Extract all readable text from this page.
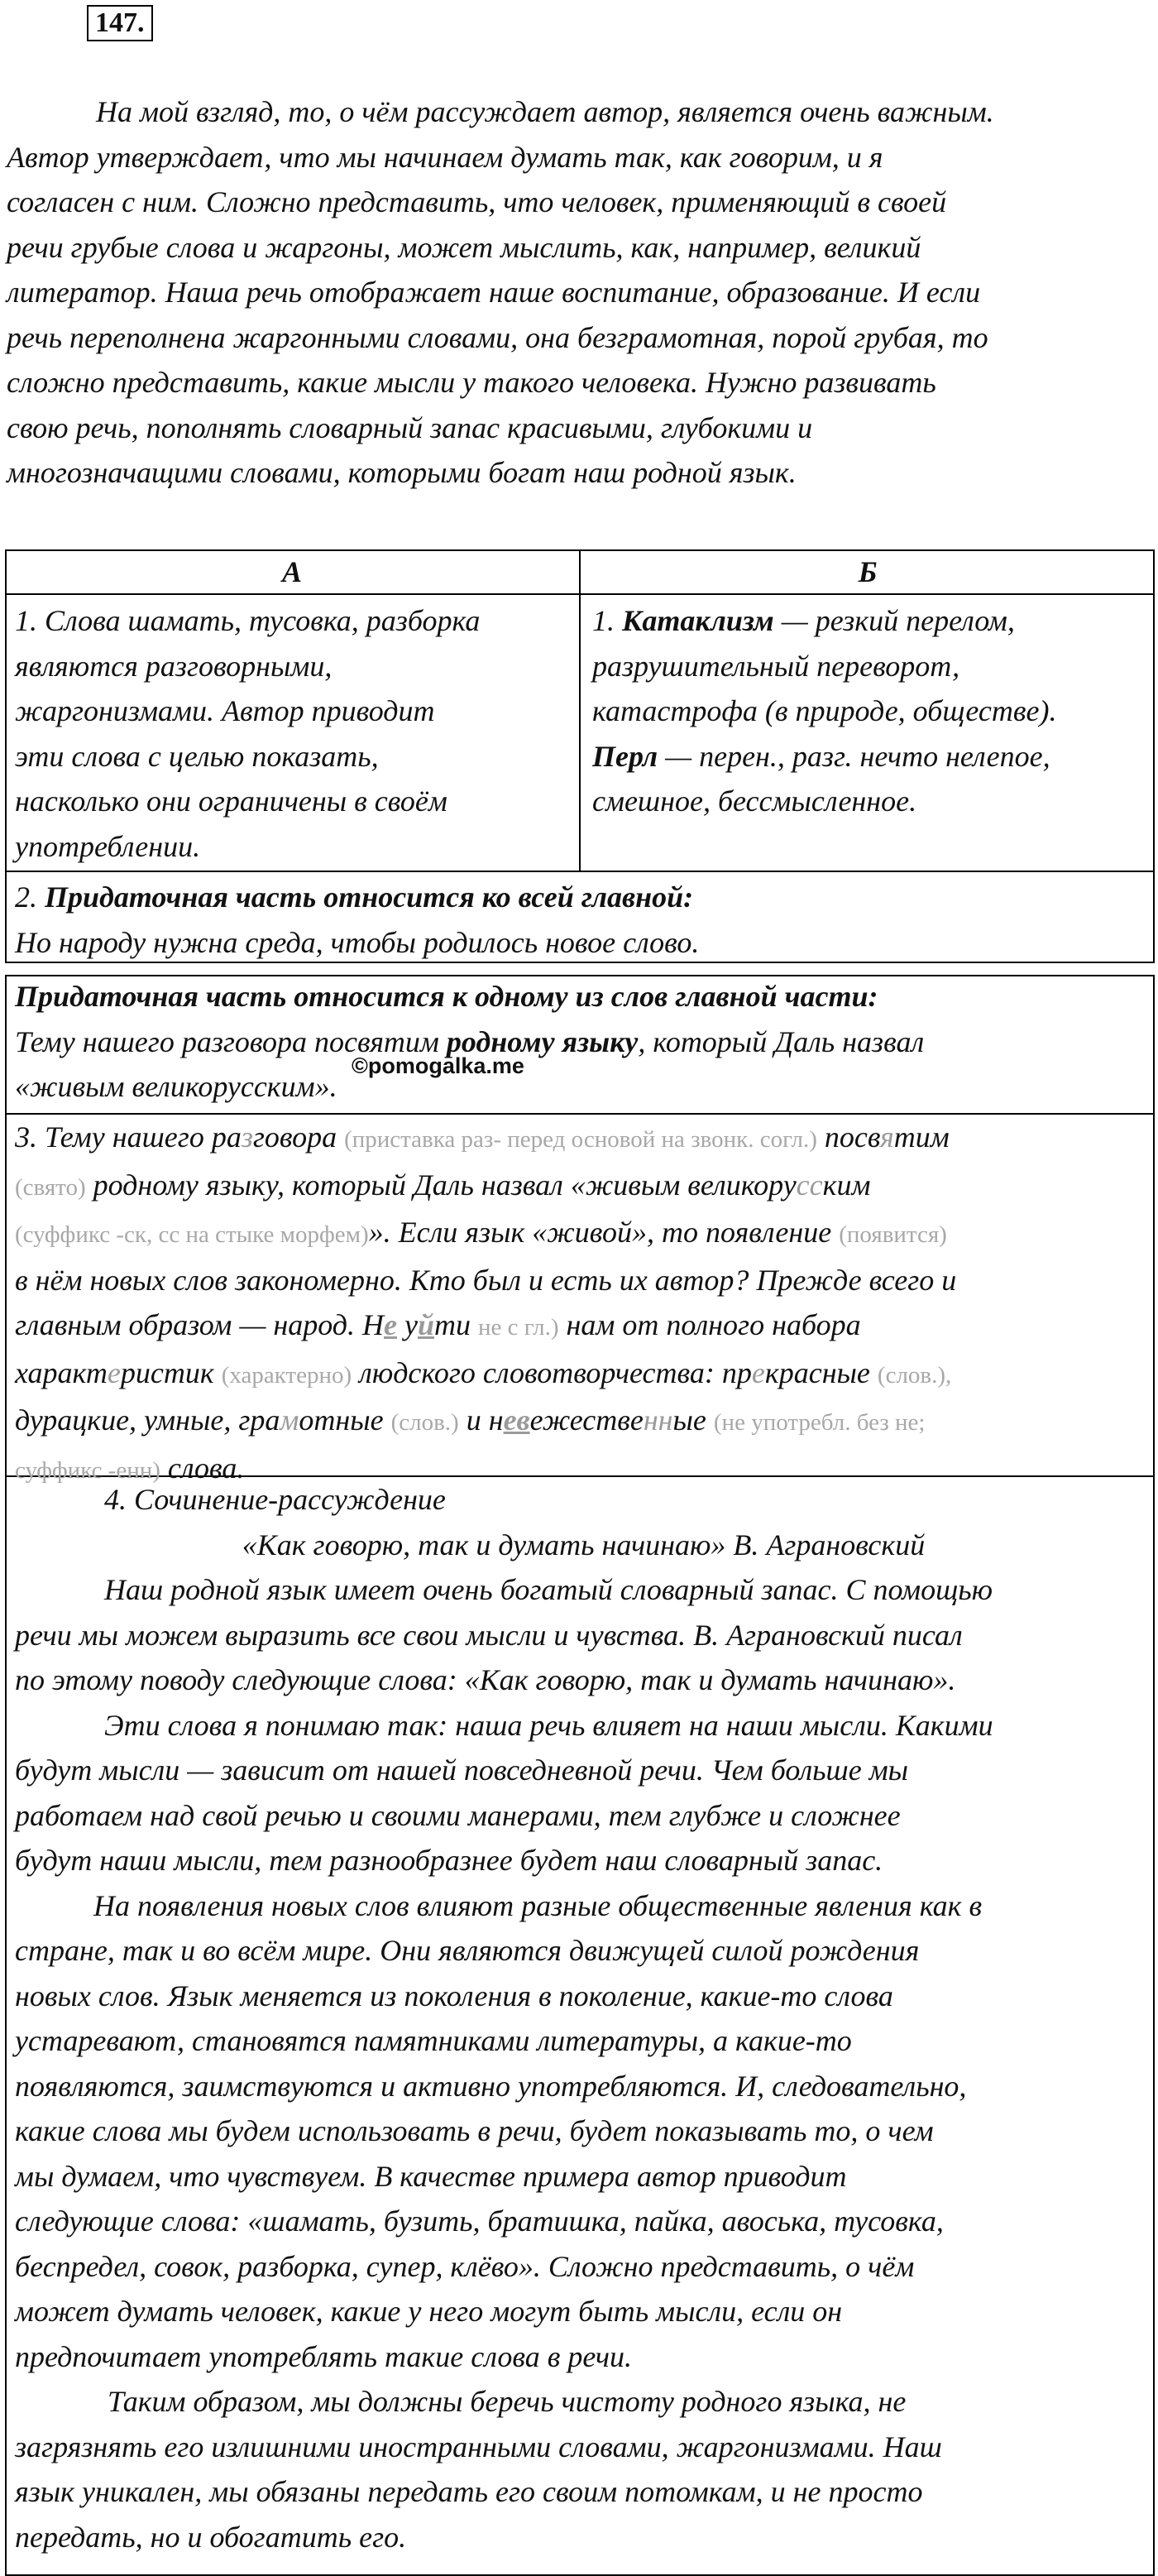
147.
На мой взгляд, то, о чём рассуждает автор, является очень важным.
Автор утверждает, что мы начинаем думать так, как говорим, и я
согласен с ним. Сложно представить, что человек, применяющий в своей
речи грубые слова и жаргоны, может мыслить, как, например, великий
литератор. Наша речь отображает наше воспитание, образование. И если
речь переполнена жаргонными словами, она безграмотная, порой грубая, то
сложно представить, какие мысли у такого человека. Нужно развивать
свою речь, пополнять словарный запас красивыми, глубокими и
многозначащими словами, которыми богат наш родной язык.
А	Б
1. Слова шамать, тусовка, разборка
являются разговорными,
жаргонизмами. Автор приводит
эти слова с целью показать,
насколько они ограничены в своём
употреблении.
1. Катаклизм — резкий перелом,
разрушительный переворот,
катастрофа (в природе, обществе).
Перл — перен., разг. нечто нелепое,
смешное, бессмысленное.
2. Придаточная часть относится ко всей главной:
Но народу нужна среда, чтобы родилось новое слово.
Придаточная часть относится к одному из слов главной части:
Тему нашего разговора посвятим родному языку, который Даль назвал
«живым великорусским».
©pomogalka.me
3. Тему нашего разговора (приставка раз- перед основой на звонк. согл.) посвятим
(свято) родному языку, который Даль назвал «живым великорусским
(суффикс -ск, сс на стыке морфем)». Если язык «живой», то появление (появится)
в нём новых слов закономерно. Кто был и есть их автор? Прежде всего и
главным образом — народ. Не уйти не с гл.) нам от полного набора
характеристик (характерно) людского словотворчества: прекрасные (слов.),
дурацкие, умные, грамотные (слов.) и невежественные (не употребл. без не;
суффикс -енн) слова.
4. Сочинение-рассуждение
«Как говорю, так и думать начинаю» В. Аграновский
Наш родной язык имеет очень богатый словарный запас. С помощью
речи мы можем выразить все свои мысли и чувства. В. Аграновский писал
по этому поводу следующие слова: «Как говорю, так и думать начинаю».
Эти слова я понимаю так: наша речь влияет на наши мысли. Какими
будут мысли — зависит от нашей повседневной речи. Чем больше мы
работаем над свой речью и своими манерами, тем глубже и сложнее
будут наши мысли, тем разнообразнее будет наш словарный запас.
На появления новых слов влияют разные общественные явления как в
стране, так и во всём мире. Они являются движущей силой рождения
новых слов. Язык меняется из поколения в поколение, какие-то слова
устаревают, становятся памятниками литературы, а какие-то
появляются, заимствуются и активно употребляются. И, следовательно,
какие слова мы будем использовать в речи, будет показывать то, о чем
мы думаем, что чувствуем. В качестве примера автор приводит
следующие слова: «шамать, бузить, братишка, пайка, авоська, тусовка,
беспредел, совок, разборка, супер, клёво». Сложно представить, о чём
может думать человек, какие у него могут быть мысли, если он
предпочитает употреблять такие слова в речи.
Таким образом, мы должны беречь чистоту родного языка, не
загрязнять его излишними иностранными словами, жаргонизмами. Наш
язык уникален, мы обязаны передать его своим потомкам, и не просто
передать, но и обогатить его.
